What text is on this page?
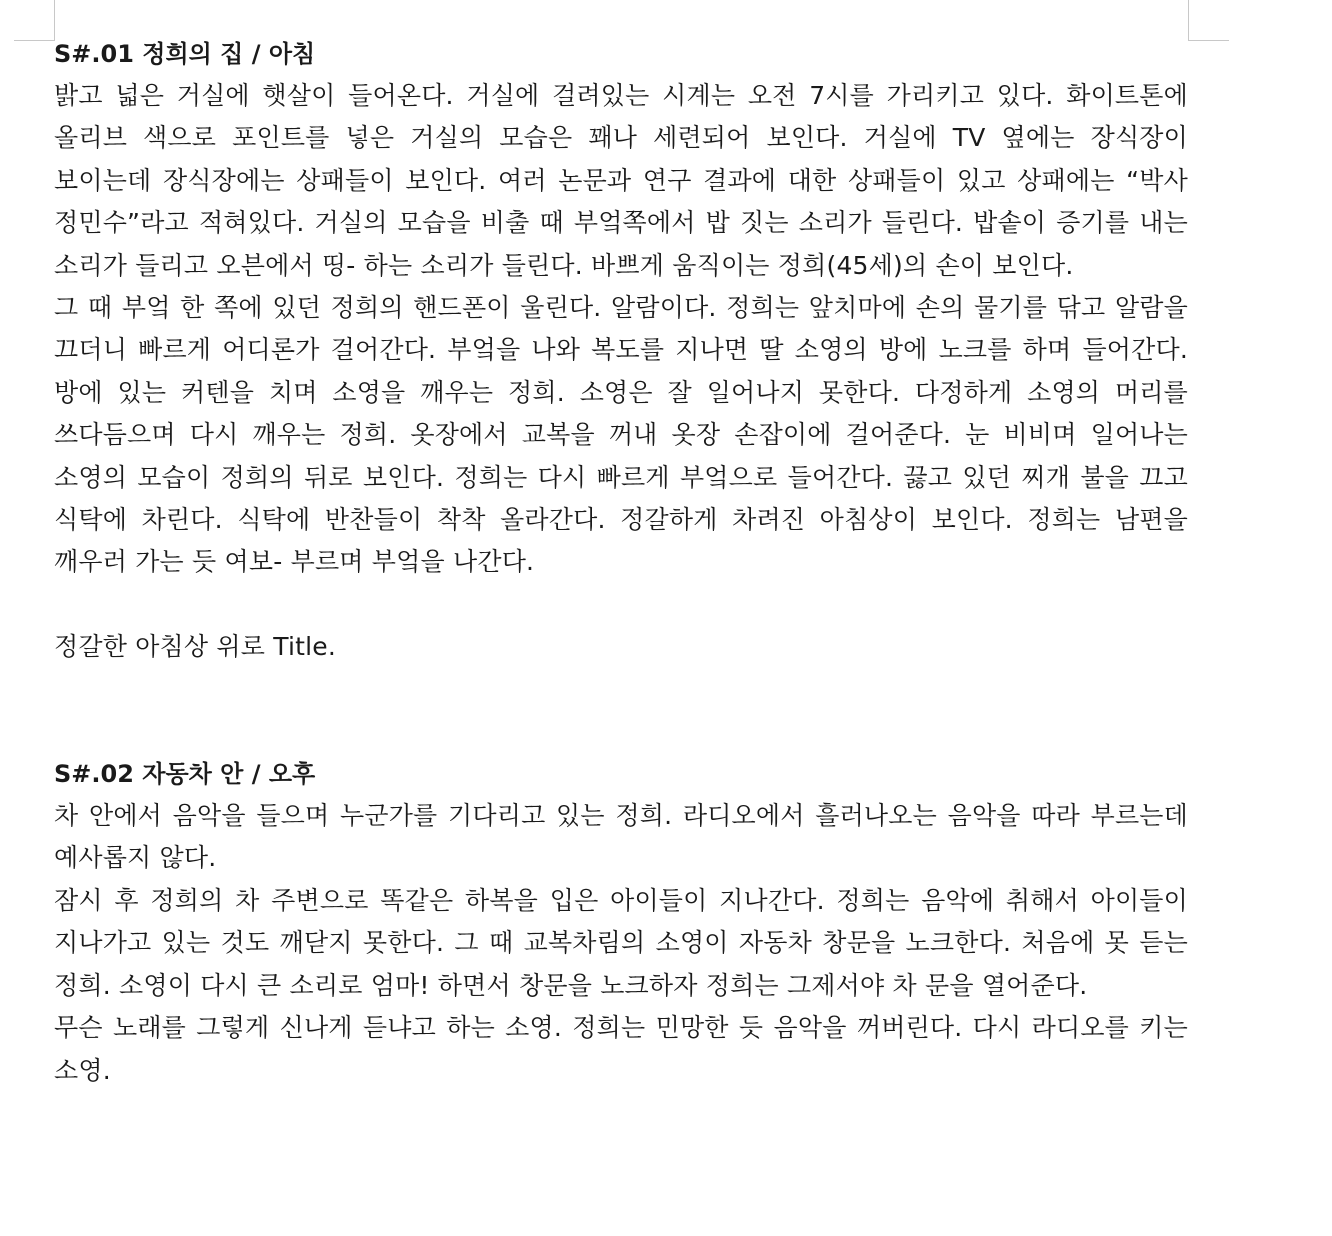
S#.01 정희의 집 / 아침

밝고 넓은 거실에 햇살이 들어온다. 거실에 걸려있는 시계는 오전 7시를 가리키고 있다. 화이트톤에 올리브 색으로 포인트를 넣은 거실의 모습은 꽤나 세련되어 보인다. 거실에 TV 옆에는 장식장이 보이는데 장식장에는 상패들이 보인다. 여러 논문과 연구 결과에 대한 상패들이 있고 상패에는 “박사 정민수”라고 적혀있다. 거실의 모습을 비출 때 부엌쪽에서 밥 짓는 소리가 들린다. 밥솥이 증기를 내는 소리가 들리고 오븐에서 띵- 하는 소리가 들린다. 바쁘게 움직이는 정희(45세)의 손이 보인다.

그 때 부엌 한 쪽에 있던 정희의 핸드폰이 울린다. 알람이다. 정희는 앞치마에 손의 물기를 닦고 알람을 끄더니 빠르게 어디론가 걸어간다. 부엌을 나와 복도를 지나면 딸 소영의 방에 노크를 하며 들어간다. 방에 있는 커텐을 치며 소영을 깨우는 정희. 소영은 잘 일어나지 못한다. 다정하게 소영의 머리를 쓰다듬으며 다시 깨우는 정희. 옷장에서 교복을 꺼내 옷장 손잡이에 걸어준다. 눈 비비며 일어나는 소영의 모습이 정희의 뒤로 보인다. 정희는 다시 빠르게 부엌으로 들어간다. 끓고 있던 찌개 불을 끄고 식탁에 차린다. 식탁에 반찬들이 착착 올라간다. 정갈하게 차려진 아침상이 보인다. 정희는 남편을 깨우러 가는 듯 여보- 부르며 부엌을 나간다.

정갈한 아침상 위로 Title.

S#.02 자동차 안 / 오후

차 안에서 음악을 들으며 누군가를 기다리고 있는 정희. 라디오에서 흘러나오는 음악을 따라 부르는데 예사롭지 않다.

잠시 후 정희의 차 주변으로 똑같은 하복을 입은 아이들이 지나간다. 정희는 음악에 취해서 아이들이 지나가고 있는 것도 깨닫지 못한다. 그 때 교복차림의 소영이 자동차 창문을 노크한다. 처음에 못 듣는 정희. 소영이 다시 큰 소리로 엄마! 하면서 창문을 노크하자 정희는 그제서야 차 문을 열어준다.

무슨 노래를 그렇게 신나게 듣냐고 하는 소영. 정희는 민망한 듯 음악을 꺼버린다. 다시 라디오를 키는 소영.
